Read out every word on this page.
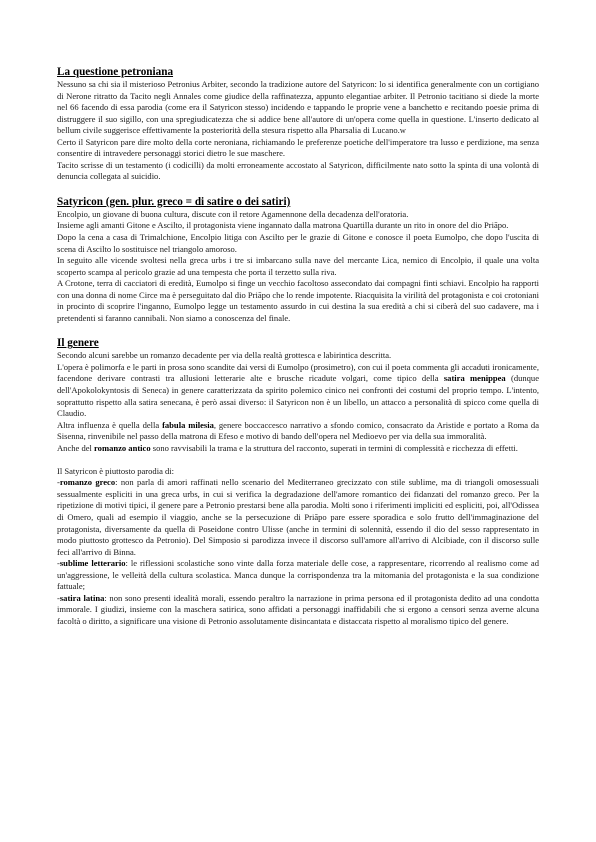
La questione petroniana

Nessuno sa chi sia il misterioso Petronius Arbiter, secondo la tradizione autore del Satyricon: lo si identifica generalmente con un cortigiano di Nerone ritratto da Tacito negli Annales come giudice della raffinatezza, appunto elegantiae arbiter. Il Petronio tacitiano si diede la morte nel 66 facendo di essa parodia (come era il Satyricon stesso) incidendo e tappando le proprie vene a banchetto e recitando poesie prima di distruggere il suo sigillo, con una spregiudicatezza che si addice bene all'autore di un'opera come quella in questione. L'inserto dedicato al bellum civile suggerisce effettivamente la posteriorità della stesura rispetto alla Pharsalia di Lucano.w

Certo il Satyricon pare dire molto della corte neroniana, richiamando le preferenze poetiche dell'imperatore tra lusso e perdizione, ma senza consentire di intravedere personaggi storici dietro le sue maschere.

Tacito scrisse di un testamento (i codicilli) da molti erroneamente accostato al Satyricon, difficilmente nato sotto la spinta di una volontà di denuncia collegata al suicidio.

Satyricon (gen. plur. greco = di satire o dei satiri)

Encolpio, un giovane di buona cultura, discute con il retore Agamennone della decadenza dell'oratoria.

Insieme agli amanti Gitone e Ascilto, il protagonista viene ingannato dalla matrona Quartilla durante un rito in onore del dio Priāpo.

Dopo la cena a casa di Trimalchione, Encolpio litiga con Ascilto per le grazie di Gitone e conosce il poeta Eumolpo, che dopo l'uscita di scena di Ascilto lo sostituisce nel triangolo amoroso.

In seguito alle vicende svoltesi nella greca urbs i tre si imbarcano sulla nave del mercante Lica, nemico di Encolpio, il quale una volta scoperto scampa al pericolo grazie ad una tempesta che porta il terzetto sulla riva.

A Crotone, terra di cacciatori di eredità, Eumolpo si finge un vecchio facoltoso assecondato dai compagni finti schiavi. Encolpio ha rapporti con una donna di nome Circe ma è perseguitato dal dio Priāpo che lo rende impotente. Riacquisita la virilità del protagonista e coi crotoniani in procinto di scoprire l'inganno, Eumolpo legge un testamento assurdo in cui destina la sua eredità a chi si ciberà del suo cadavere, ma i pretendenti si faranno cannibali. Non siamo a conoscenza del finale.

Il genere

Secondo alcuni sarebbe un romanzo decadente per via della realtà grottesca e labirintica descritta.

L'opera è polimorfa e le parti in prosa sono scandite dai versi di Eumolpo (prosimetro), con cui il poeta commenta gli accaduti ironicamente, facendone derivare contrasti tra allusioni letterarie alte e brusche ricadute volgari, come tipico della satira menippea (dunque dell'Apokolokyntosis di Seneca) in genere caratterizzata da spirito polemico cinico nei confronti dei costumi del proprio tempo. L'intento, soprattutto rispetto alla satira senecana, è però assai diverso: il Satyricon non è un libello, un attacco a personalità di spicco come quella di Claudio.

Altra influenza è quella della fabula milesia, genere boccaccesco narrativo a sfondo comico, consacrato da Aristide e portato a Roma da Sisenna, rinvenibile nel passo della matrona di Efeso e motivo di bando dell'opera nel Medioevo per via della sua immoralità.

Anche del romanzo antico sono ravvisabili la trama e la struttura del racconto, superati in termini di complessità e ricchezza di effetti.

Il Satyricon è piuttosto parodia di:

-romanzo greco: non parla di amori raffinati nello scenario del Mediterraneo grecizzato con stile sublime, ma di triangoli omosessuali sessualmente espliciti in una greca urbs, in cui si verifica la degradazione dell'amore romantico dei fidanzati del romanzo greco. Per la ripetizione di motivi tipici, il genere pare a Petronio prestarsi bene alla parodia. Molti sono i riferimenti impliciti ed espliciti, poi, all'Odissea di Omero, quali ad esempio il viaggio, anche se la persecuzione di Priāpo pare essere sporadica e solo frutto dell'immaginazione del protagonista, diversamente da quella di Poseidone contro Ulisse (anche in termini di solennità, essendo il dio del sesso rappresentato in modo piuttosto grottesco da Petronio). Del Simposio si parodizza invece il discorso sull'amore all'arrivo di Alcibiade, con il discorso sulle feci all'arrivo di Binna.

-sublime letterario: le riflessioni scolastiche sono vinte dalla forza materiale delle cose, a rappresentare, ricorrendo al realismo come ad un'aggressione, le velleità della cultura scolastica. Manca dunque la corrispondenza tra la mitomania del protagonista e la sua condizione fattuale;

-satira latina: non sono presenti idealità morali, essendo peraltro la narrazione in prima persona ed il protagonista dedito ad una condotta immorale. I giudizi, insieme con la maschera satirica, sono affidati a personaggi inaffidabili che si ergono a censori senza averne alcuna facoltà o diritto, a significare una visione di Petronio assolutamente disincantata e distaccata rispetto al moralismo tipico del genere.
